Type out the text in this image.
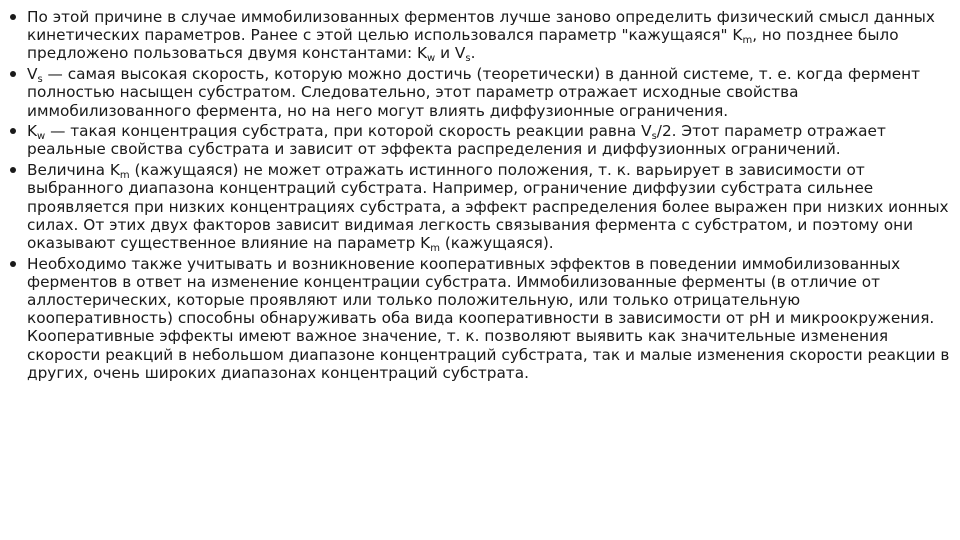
По этой причине в случае иммобилизованных ферментов лучше заново определить физический смысл данных кинетических параметров. Ранее с этой целью использовался параметр "кажущаяся" $K_m$, но позднее было предложено пользоваться двумя константами: $K_w$ и $V_s$.
$V_s$ — самая высокая скорость, которую можно достичь (теоретически) в данной системе, т. е. когда фермент полностью насыщен субстратом. Следовательно, этот параметр отражает исходные свойства иммобилизованного фермента, но на него могут влиять диффузионные ограничения.
$K_w$ — такая концентрация субстрата, при которой скорость реакции равна $V_s/2$. Этот параметр отражает реальные свойства субстрата и зависит от эффекта распределения и диффузионных ограничений.
Величина $K_m$ (кажущаяся) не может отражать истинного положения, т. к. варьирует в зависимости от выбранного диапазона концентраций субстрата. Например, ограничение диффузии субстрата сильнее проявляется при низких концентрациях субстрата, а эффект распределения более выражен при низких ионных силах. От этих двух факторов зависит видимая легкость связывания фермента с субстратом, и поэтому они оказывают существенное влияние на параметр $K_m$ (кажущаяся).
Необходимо также учитывать и возникновение кооперативных эффектов в поведении иммобилизованных ферментов в ответ на изменение концентрации субстрата. Иммобилизованные ферменты (в отличие от аллостерических, которые проявляют или только положительную, или только отрицательную кооперативность) способны обнаруживать оба вида кооперативности в зависимости от pH и микроокружения. Кооперативные эффекты имеют важное значение, т. к. позволяют выявить как значительные изменения скорости реакций в небольшом диапазоне концентраций субстрата, так и малые изменения скорости реакции в других, очень широких диапазонах концентраций субстрата.
